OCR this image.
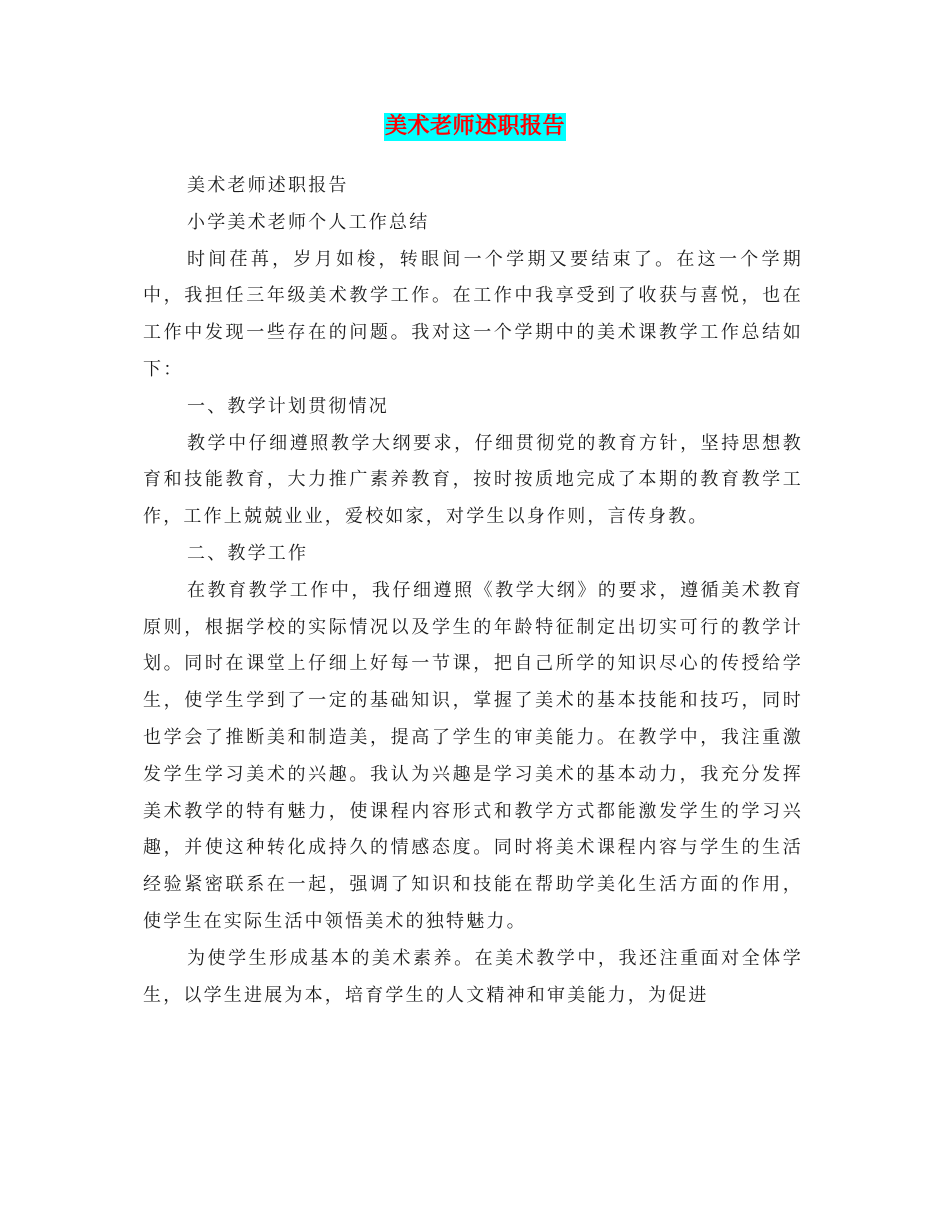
美术老师述职报告

美术老师述职报告

小学美术老师个人工作总结

时间荏苒，岁月如梭，转眼间一个学期又要结束了。在这一个学期中，我担任三年级美术教学工作。在工作中我享受到了收获与喜悦，也在工作中发现一些存在的问题。我对这一个学期中的美术课教学工作总结如下：

一、教学计划贯彻情况

教学中仔细遵照教学大纲要求，仔细贯彻党的教育方针，坚持思想教育和技能教育，大力推广素养教育，按时按质地完成了本期的教育教学工作，工作上兢兢业业，爱校如家，对学生以身作则，言传身教。

二、教学工作

在教育教学工作中，我仔细遵照《教学大纲》的要求，遵循美术教育原则，根据学校的实际情况以及学生的年龄特征制定出切实可行的教学计划。同时在课堂上仔细上好每一节课，把自己所学的知识尽心的传授给学生，使学生学到了一定的基础知识，掌握了美术的基本技能和技巧，同时也学会了推断美和制造美，提高了学生的审美能力。在教学中，我注重激发学生学习美术的兴趣。我认为兴趣是学习美术的基本动力，我充分发挥美术教学的特有魅力，使课程内容形式和教学方式都能激发学生的学习兴趣，并使这种转化成持久的情感态度。同时将美术课程内容与学生的生活经验紧密联系在一起，强调了知识和技能在帮助学美化生活方面的作用，使学生在实际生活中领悟美术的独特魅力。

为使学生形成基本的美术素养。在美术教学中，我还注重面对全体学生，以学生进展为本，培育学生的人文精神和审美能力，为促进
